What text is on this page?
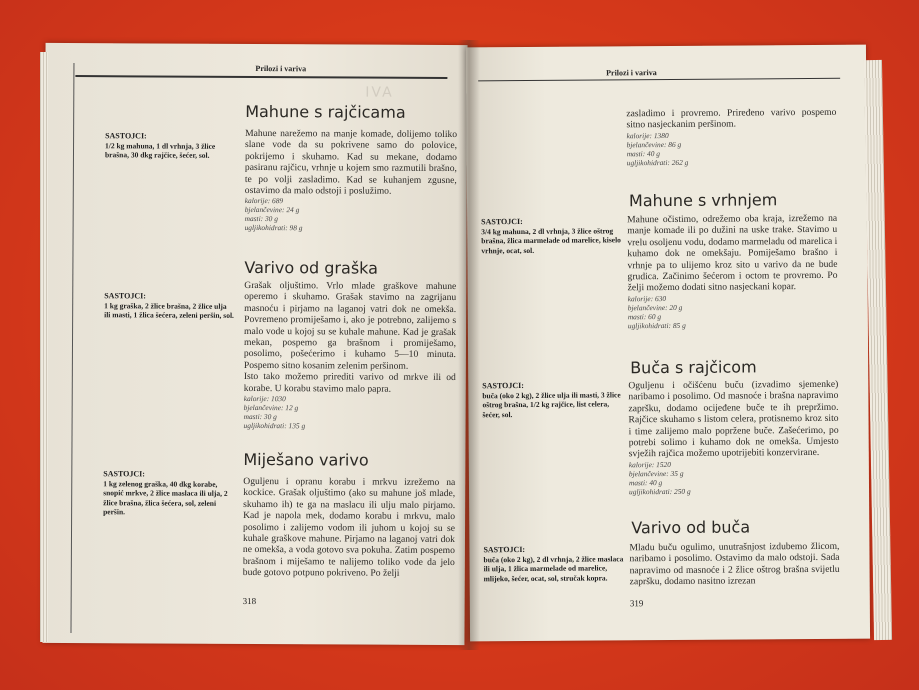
Prilozi i variva
IVA
Mahune s rajčicama
SASTOJCI:
1/2 kg mahuna, 1 dl vrhnja, 3 žlice brašna, 30 dkg rajčice, šećer, sol.
Mahune narežemo na manje komade, dolijemo toliko slane vode da su pokrivene samo do polovice, pokrijemo i skuhamo. Kad su mekane, dodamo pasiranu rajčicu, vrhnje u kojem smo razmutili brašno, te po volji zasladimo. Kad se kuhanjem zgusne, ostavimo da malo odstoji i poslužimo.
kalorije: 689
bjelančevine: 24 g
masti: 30 g
ugljikohidrati: 98 g
Varivo od graška
SASTOJCI:
1 kg graška, 2 žlice brašna, 2 žlice ulja ili masti, 1 žlica šećera, zeleni peršin, sol.
Grašak oljuštimo. Vrlo mlade graškove mahune operemo i skuhamo. Grašak stavimo na zagrijanu masnoću i pirjamo na laganoj vatri dok ne omekša. Povremeno promiješamo i, ako je potrebno, zalijemo s malo vode u kojoj su se kuhale mahune. Kad je grašak mekan, pospemo ga brašnom i promiješamo, posolimo, pošećerimo i kuhamo 5—10 minuta. Pospemo sitno kosanim zelenim peršinom.
Isto tako možemo prirediti varivo od mrkve ili od korabe. U korabu stavimo malo papra.
kalorije: 1030
bjelančevine: 12 g
masti: 30 g
ugljikohidrati: 135 g
Miješano varivo
SASTOJCI:
1 kg zelenog graška, 40 dkg korabe, snopić mrkve, 2 žlice maslaca ili ulja, 2 žlice brašna, žlica šećera, sol, zeleni peršin.
Oguljenu i opranu korabu i mrkvu izrežemo na kockice. Grašak oljuštimo (ako su mahune još mlade, skuhamo ih) te ga na maslacu ili ulju malo pirjamo. Kad je napola mek, dodamo korabu i mrkvu, malo posolimo i zalijemo vodom ili juhom u kojoj su se kuhale graškove mahune. Pirjamo na laganoj vatri dok ne omekša, a voda gotovo sva pokuha. Zatim pospemo brašnom i miješamo te nalijemo toliko vode da jelo bude gotovo potpuno pokriveno. Po želji
318
Prilozi i variva
zasladimo i provremo. Priređeno varivo pospemo sitno nasjeckanim peršinom.
kalorije: 1380
bjelančevine: 86 g
masti: 40 g
ugljikohidrati: 262 g
Mahune s vrhnjem
SASTOJCI:
3/4 kg mahuna, 2 dl vrhnja, 3 žlice oštrog brašna, žlica marmelade od marelice, kiselo vrhnje, ocat, sol.
Mahune očistimo, odrežemo oba kraja, izrežemo na manje komade ili po dužini na uske trake. Stavimo u vrelu osoljenu vodu, dodamo marmeladu od marelica i kuhamo dok ne omekšaju. Pomiješamo brašno i vrhnje pa to ulijemo kroz sito u varivo da ne bude grudica. Začinimo šećerom i octom te provremo. Po želji možemo dodati sitno nasjeckani kopar.
kalorije: 630
bjelančevine: 20 g
masti: 60 g
ugljikohidrati: 85 g
Buča s rajčicom
SASTOJCI:
buča (oko 2 kg), 2 žlice ulja ili masti, 3 žlice oštrog brašna, 1/2 kg rajčice, list celera, šećer, sol.
Oguljenu i očišćenu buču (izvadimo sjemenke) naribamo i posolimo. Od masnoće i brašna napravimo zapršku, dodamo ocijeđene buče te ih prepržimo. Rajčice skuhamo s listom celera, protisnemo kroz sito i time zalijemo malo popržene buče. Zašećerimo, po potrebi solimo i kuhamo dok ne omekša. Umjesto svježih rajčica možemo upotrijebiti konzerviranе.
kalorije: 1520
bjelančevine: 35 g
masti: 40 g
ugljikohidrati: 250 g
Varivo od buča
SASTOJCI:
buča (oko 2 kg), 2 dl vrhnja, 2 žlice maslaca ili ulja, 1 žlica marmelade od marelice, mlijeko, šećer, ocat, sol, stručak kopra.
Mladu buču ogulimo, unutrašnjost izdubemo žlicom, naribamo i posolimo. Ostavimo da malo odstoji. Sada napravimo od masnoće i 2 žlice oštrog brašna svijetlu zapršku, dodamo nasitno izrezan
319
